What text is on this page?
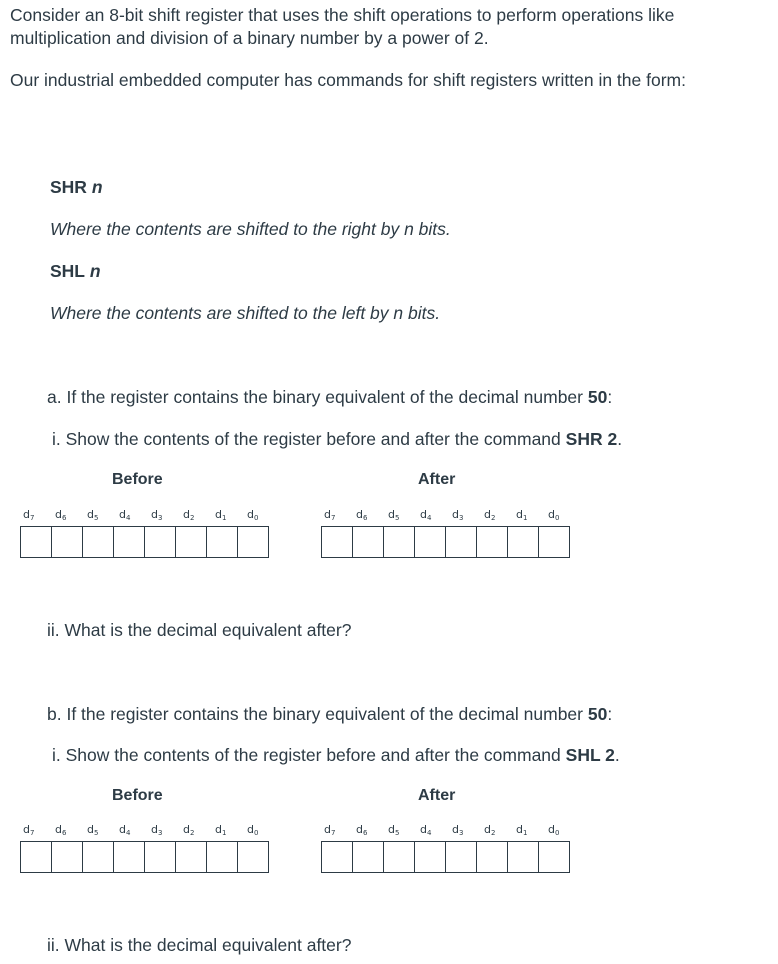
Consider an 8-bit shift register that uses the shift operations to perform operations like multiplication and division of a binary number by a power of 2.

Our industrial embedded computer has commands for shift registers written in the form:

SHR n

Where the contents are shifted to the right by n bits.

SHL n

Where the contents are shifted to the left by n bits.

a. If the register contains the binary equivalent of the decimal number 50:

i. Show the contents of the register before and after the command SHR 2.

Before	After
$d_7$ $d_6$ $d_5$ $d_4$ $d_3$ $d_2$ $d_1$ $d_0$	$d_7$ $d_6$ $d_5$ $d_4$ $d_3$ $d_2$ $d_1$ $d_0$

ii. What is the decimal equivalent after?

b. If the register contains the binary equivalent of the decimal number 50:

i. Show the contents of the register before and after the command SHL 2.

Before	After
$d_7$ $d_6$ $d_5$ $d_4$ $d_3$ $d_2$ $d_1$ $d_0$	$d_7$ $d_6$ $d_5$ $d_4$ $d_3$ $d_2$ $d_1$ $d_0$

ii. What is the decimal equivalent after?
